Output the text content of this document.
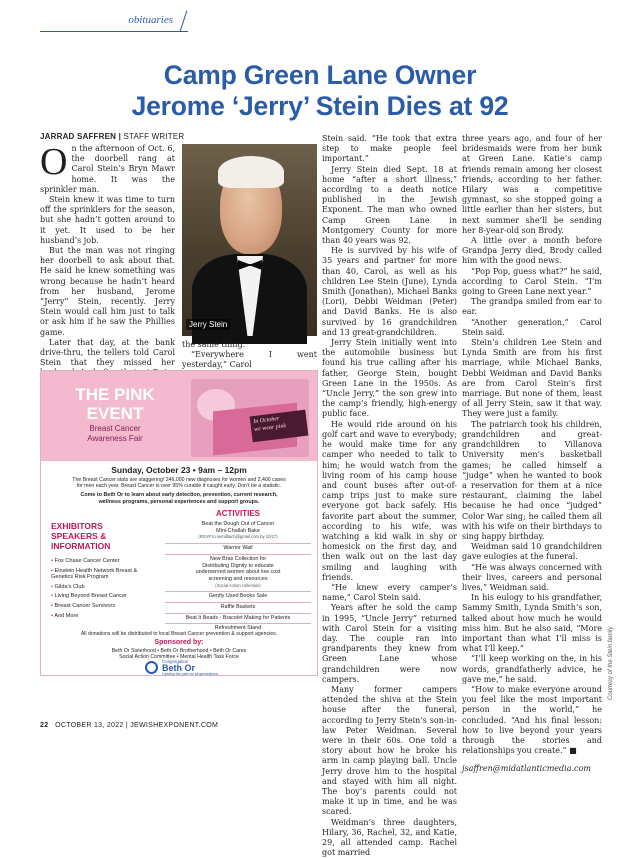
obituaries
Camp Green Lane Owner
Jerome ‘Jerry’ Stein Dies at 92
JARRAD SAFFREN | STAFF WRITER

On the afternoon of Oct. 6, the doorbell rang at Carol Stein’s Bryn Mawr home. It was the sprinkler man.

Stein knew it was time to turn off the sprinklers for the season, but she hadn’t gotten around to it yet. It used to be her husband’s job.

But the man was not ringing her doorbell to ask about that. He said he knew something was wrong because he hadn’t heard from her husband, Jerome “Jerry” Stein, recently. Jerry Stein would call him just to talk or ask him if he saw the Phillies game.

Later that day, at the bank drive-thru, the tellers told Carol Stein that they missed her

Jerry Stein

the same thing.

“Everywhere I went yesterday,” Carol

Stein said. “He took that extra step to make people feel important.”

Jerry Stein died Sept. 18 at home “after a short illness,” according to a death notice published in the Jewish Exponent. The man who owned Camp Green Lane in Montgomery County for more than 40 years was 92.

He is survived by his wife of 35 years and partner for more than 40, Carol, as well as his children Lee Stein (June), Lynda Smith (Jonathan), Michael Banks (Lori), Debbi Weidman (Peter) and David Banks. He is also survived by 16 grandchildren and 13 great-grandchildren.

Jerry Stein initially went into the automobile business but found his true calling after his father, George Stein, bought Green Lane in the 1950s. As “Uncle Jerry,” the son grew into the camp’s friendly, high-energy public face.

He would ride around on his golf cart and wave to everybody; he would make time for any camper who needed to talk to him; he would watch from the living room of his camp house and count buses after out-of-camp trips just to make sure everyone got back safely. His favorite part about the summer, according to his wife, was watching a kid walk in shy or homesick on the first day, and then walk out on the last day smiling and laughing with friends.

“He knew every camper’s name,” Carol Stein said.

Years after he sold the camp in 1995, “Uncle Jerry” returned with Carol Stein for a visiting day. The couple ran into grandparents they knew from Green Lane whose grandchildren were now campers.

Many former campers attended the shiva at the Stein house after the funeral, according to Jerry Stein’s son-in-law Peter Weidman. Several were in their 60s. One told a story about how he broke his arm in camp playing ball. Uncle Jerry drove him to the hospital and stayed with him all night. The boy’s parents could not make it up in time, and he was scared.

Weidman’s three daughters, Hilary, 36, Rachel, 32, and Katie, 29, all attended camp. Rachel got married

three years ago, and four of her bridesmaids were from her bunk at Green Lane. Katie’s camp friends remain among her closest friends, according to her father. Hilary was a competitive gymnast, so she stopped going a little earlier than her sisters, but next summer she’ll be sending her 8-year-old son Brody.

A little over a month before Grandpa Jerry died, Brody called him with the good news.

“Pop Pop, guess what?” he said, according to Carol Stein. “I’m going to Green Lane next year.”

The grandpa smiled from ear to ear.

“Another generation,” Carol Stein said.

Stein’s children Lee Stein and Lynda Smith are from his first marriage, while Michael Banks, Debbi Weidman and David Banks are from Carol Stein’s first marriage. But none of them, least of all Jerry Stein, saw it that way. They were just a family.

The patriarch took his children, grandchildren and great-grandchildren to Villanova University men’s basketball games; he called himself a “judge” when he wanted to book a reservation for them at a nice restaurant, claiming the label because he had once “judged” Color War sing; he called them all with his wife on their birthdays to sing happy birthday.

Weidman said 10 grandchildren gave eulogies at the funeral.

“He was always concerned with their lives, careers and personal lives,” Weidman said.

In his eulogy to his grandfather, Sammy Smith, Lynda Smith’s son, talked about how much he would miss him. But he also said, “More important than what I’ll miss is what I’ll keep.”

“I’ll keep working on the, in his words, grandfatherly advice, he gave me,” he said.

“How to make everyone around you feel like the most important person in the world,” he concluded. “And his final lesson: how to live beyond your years through the stories and relationships you create.” ■

jsaffren@midatlanticmedia.com

Courtesy of the Stein family
THE PINK
EVENT
Breast Cancer
Awareness Fair
In October
we wear pink
Sunday, October 23 • 9am – 12pm
The Breast Cancer stats are staggering! 246,000 new diagnoses for women and 2,400 cases
for men each year. Breast Cancer is over 95% curable if caught early. Don’t be a statistic.
Come to Beth Or to learn about early detection, prevention, current research,
wellness programs, personal experiences and support groups.
EXHIBITORS
SPEAKERS &
INFORMATION
• Fox Chase Cancer Center
• Einstein Health Network Breast & Genetics Risk Program
• Gilda’s Club
• Living Beyond Breast Cancer
• Breast Cancer Survivors
• And More
ACTIVITIES
Beat the Dough Out of Cancer
Mini-Challah Bake
(RSVP to semilbach@gmail.com by 10/17)
Warrior Wall
New Bras Collection for
Distributing Dignity to educate
underserved women about low cost
screening and resources
(Social Action collection)
Gently Used Books Sale
Raffle Baskets
Beat It Beads - Bracelet Making for Patients
Refreshment Stand
All donations will be distributed to local Breast Cancer prevention & support agencies.
Sponsored by:
Beth Or Sisterhood • Beth Or Brotherhood • Beth Or Cares
Social Action Committee • Mental Health Task Force
Congregation
Beth Or
Lighting the path for all generations
22 OCTOBER 13, 2022 | JEWISHEXPONENT.COM
